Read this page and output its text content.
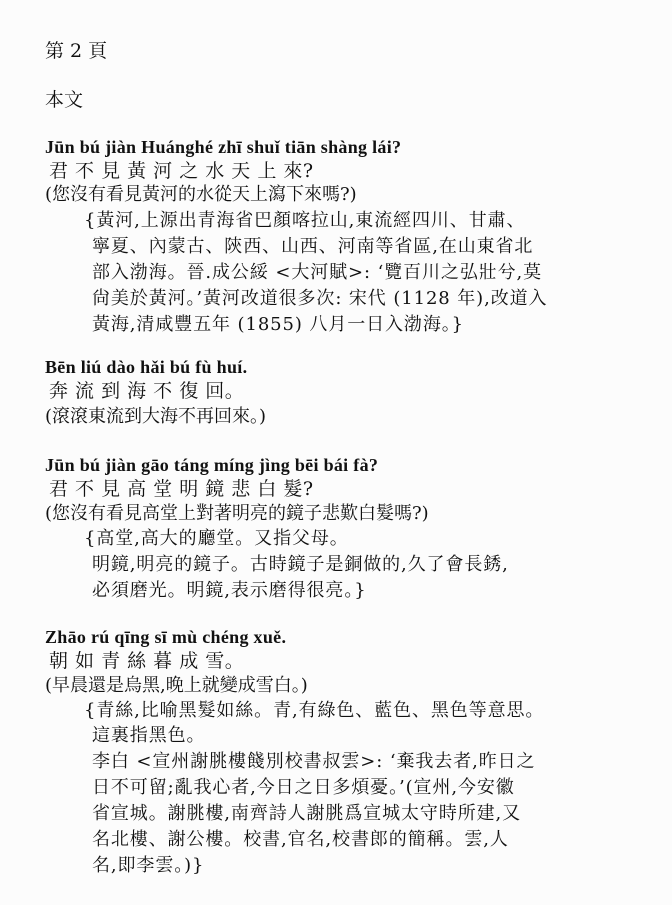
第 2 頁
本文
Jūn bú jiàn Huánghé zhī shuǐ tiān shàng lái?
君 不 見 黃 河 之 水 天 上 來?
(您沒有看見黃河的水從天上瀉下來嗎?)
{黃河,上源出青海省巴顏喀拉山,東流經四川、甘肅、
寧夏、內蒙古、陝西、山西、河南等省區,在山東省北
部入渤海。晉.成公綏 <大河賦>: ‘覽百川之弘壯兮,莫
尙美於黃河。’黃河改道很多次: 宋代 (1128 年),改道入
黃海,清咸豐五年 (1855) 八月一日入渤海。}
Bēn liú dào hǎi bú fù huí.
奔 流 到 海 不 復 回。
(滾滾東流到大海不再回來。)
Jūn bú jiàn gāo táng míng jìng bēi bái fà?
君 不 見 高 堂 明 鏡 悲 白 髮?
(您沒有看見高堂上對著明亮的鏡子悲歎白髮嗎?)
{高堂,高大的廳堂。又指父母。
明鏡,明亮的鏡子。古時鏡子是銅做的,久了會長銹,
必須磨光。明鏡,表示磨得很亮。}
Zhāo rú qīng sī mù chéng xuě.
朝 如 青 絲 暮 成 雪。
(早晨還是烏黑,晚上就變成雪白。)
{青絲,比喻黑髮如絲。青,有綠色、藍色、黑色等意思。
這裏指黑色。
李白 <宣州謝朓樓餞別校書叔雲>: ‘棄我去者,昨日之
日不可留;亂我心者,今日之日多煩憂。’(宣州,今安徽
省宣城。謝朓樓,南齊詩人謝朓爲宣城太守時所建,又
名北樓、謝公樓。校書,官名,校書郎的簡稱。雲,人
名,即李雲。)}
